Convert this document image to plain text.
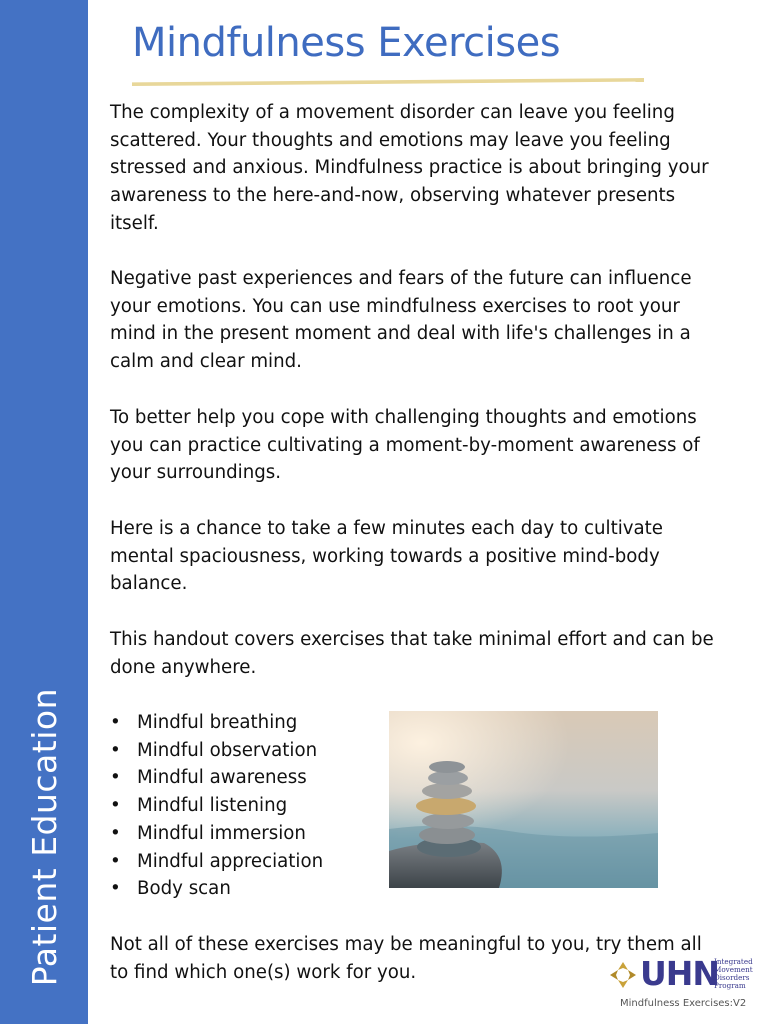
Patient Education
Mindfulness Exercises

The complexity of a movement disorder can leave you feeling scattered. Your thoughts and emotions may leave you feeling stressed and anxious. Mindfulness practice is about bringing your awareness to the here-and-now, observing whatever presents itself.

Negative past experiences and fears of the future can influence your emotions. You can use mindfulness exercises to root your mind in the present moment and deal with life's challenges in a calm and clear mind.

To better help you cope with challenging thoughts and emotions you can practice cultivating a moment-by-moment awareness of your surroundings.

Here is a chance to take a few minutes each day to cultivate mental spaciousness, working towards a positive mind-body balance.

This handout covers exercises that take minimal effort and can be done anywhere.

• Mindful breathing
• Mindful observation
• Mindful awareness
• Mindful listening
• Mindful immersion
• Mindful appreciation
• Body scan

Not all of these exercises may be meaningful to you, try them all to find which one(s) work for you.	UHN
Integrated
Movement
Disorders
Program
Mindfulness Exercises:V2
